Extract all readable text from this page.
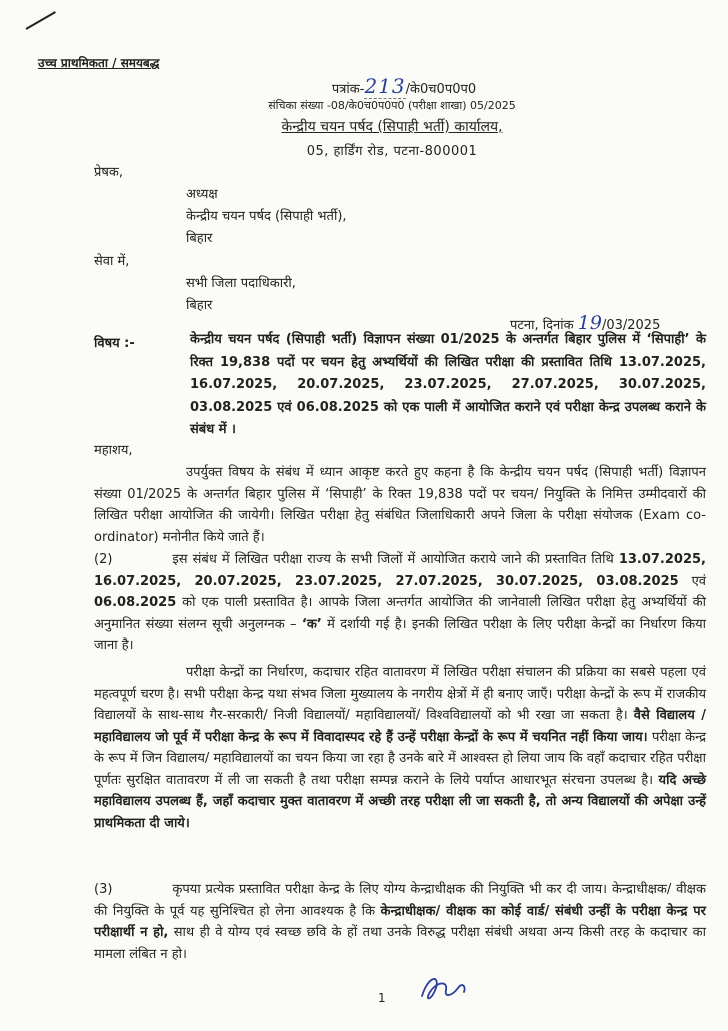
उच्च प्राथमिकता / समयबद्ध
पत्रांक-213/के0च0प0प0
संचिका संख्या -08/के0च0प0प0 (परीक्षा शाखा) 05/2025
केन्द्रीय चयन पर्षद (सिपाही भर्ती) कार्यालय,
05, हार्डिंग रोड, पटना-800001
प्रेषक,
अध्यक्ष
केन्द्रीय चयन पर्षद (सिपाही भर्ती),
बिहार
सेवा में,
सभी जिला पदाधिकारी,
बिहार
पटना, दिनांक 19/03/2025
विषय :-	केन्द्रीय चयन पर्षद (सिपाही भर्ती) विज्ञापन संख्या 01/2025 के अन्तर्गत बिहार पुलिस में ‘सिपाही’ के रिक्त 19,838 पदों पर चयन हेतु अभ्यर्थियों की लिखित परीक्षा की प्रस्तावित तिथि 13.07.2025, 16.07.2025, 20.07.2025, 23.07.2025, 27.07.2025, 30.07.2025, 03.08.2025 एवं 06.08.2025 को एक पाली में आयोजित कराने एवं परीक्षा केन्द्र उपलब्ध कराने के संबंध में ।

महाशय,

उपर्युक्त विषय के संबंध में ध्यान आकृष्ट करते हुए कहना है कि केन्द्रीय चयन पर्षद (सिपाही भर्ती) विज्ञापन संख्या 01/2025 के अन्तर्गत बिहार पुलिस में ‘सिपाही’ के रिक्त 19,838 पदों पर चयन/ नियुक्ति के निमित्त उम्मीदवारों की लिखित परीक्षा आयोजित की जायेगी। लिखित परीक्षा हेतु संबंधित जिलाधिकारी अपने जिला के परीक्षा संयोजक (Exam co-ordinator) मनोनीत किये जाते हैं।

(2)	इस संबंध में लिखित परीक्षा राज्य के सभी जिलों में आयोजित कराये जाने की प्रस्तावित तिथि 13.07.2025, 16.07.2025, 20.07.2025, 23.07.2025, 27.07.2025, 30.07.2025, 03.08.2025 एवं 06.08.2025 को एक पाली प्रस्तावित है। आपके जिला अन्तर्गत आयोजित की जानेवाली लिखित परीक्षा हेतु अभ्यर्थियों की अनुमानित संख्या संलग्न सूची अनुलग्नक – ‘क’ में दर्शायी गई है। इनकी लिखित परीक्षा के लिए परीक्षा केन्द्रों का निर्धारण किया जाना है।

परीक्षा केन्द्रों का निर्धारण, कदाचार रहित वातावरण में लिखित परीक्षा संचालन की प्रक्रिया का सबसे पहला एवं महत्वपूर्ण चरण है। सभी परीक्षा केन्द्र यथा संभव जिला मुख्यालय के नगरीय क्षेत्रों में ही बनाए जाएँ। परीक्षा केन्द्रों के रूप में राजकीय विद्यालयों के साथ-साथ गैर-सरकारी/ निजी विद्यालयों/ महाविद्यालयों/ विश्वविद्यालयों को भी रखा जा सकता है। वैसे विद्यालय / महाविद्यालय जो पूर्व में परीक्षा केन्द्र के रूप में विवादास्पद रहे हैं उन्हें परीक्षा केन्द्रों के रूप में चयनित नहीं किया जाय। परीक्षा केन्द्र के रूप में जिन विद्यालय/ महाविद्यालयों का चयन किया जा रहा है उनके बारे में आश्वस्त हो लिया जाय कि वहाँ कदाचार रहित परीक्षा पूर्णतः सुरक्षित वातावरण में ली जा सकती है तथा परीक्षा सम्पन्न कराने के लिये पर्याप्त आधारभूत संरचना उपलब्ध है। यदि अच्छे महाविद्यालय उपलब्ध हैं, जहाँ कदाचार मुक्त वातावरण में अच्छी तरह परीक्षा ली जा सकती है, तो अन्य विद्यालयों की अपेक्षा उन्हें प्राथमिकता दी जाये।

(3)	कृपया प्रत्येक प्रस्तावित परीक्षा केन्द्र के लिए योग्य केन्द्राधीक्षक की नियुक्ति भी कर दी जाय। केन्द्राधीक्षक/ वीक्षक की नियुक्ति के पूर्व यह सुनिश्चित हो लेना आवश्यक है कि केन्द्राधीक्षक/ वीक्षक का कोई वार्ड/ संबंधी उन्हीं के परीक्षा केन्द्र पर परीक्षार्थी न हो, साथ ही वे योग्य एवं स्वच्छ छवि के हों तथा उनके विरुद्ध परीक्षा संबंधी अथवा अन्य किसी तरह के कदाचार का मामला लंबित न हो।

1
